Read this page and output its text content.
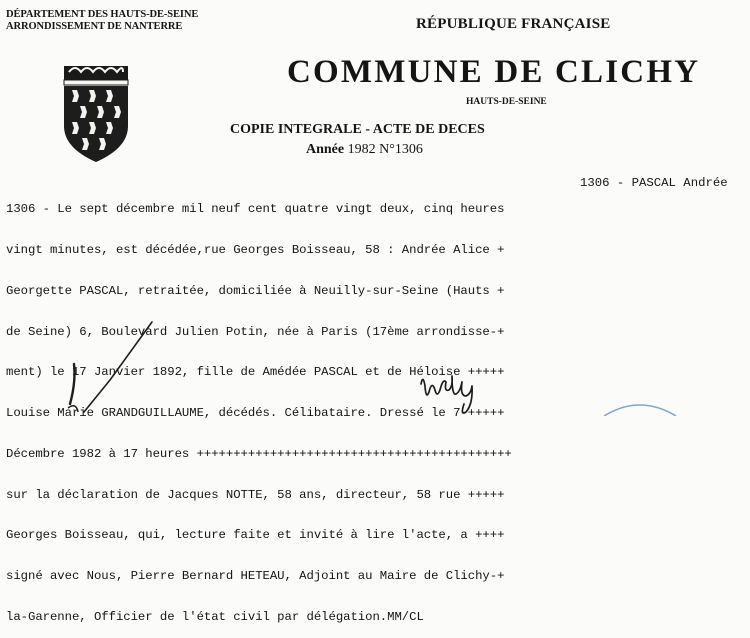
DÉPARTEMENT DES HAUTS-DE-SEINE
ARRONDISSEMENT DE NANTERRE	RÉPUBLIQUE FRANÇAISE
COMMUNE DE CLICHY
HAUTS-DE-SEINE
COPIE INTEGRALE - ACTE DE DECES
Année 1982 N°1306

1306 - Le sept décembre mil neuf cent quatre vingt deux, cinq heures

vingt minutes, est décédée,rue Georges Boisseau, 58 : Andrée Alice +

Georgette PASCAL, retraitée, domiciliée à Neuilly-sur-Seine (Hauts +

de Seine) 6, Boulevard Julien Potin, née à Paris (17ème arrondisse-+

ment) le 17 Janvier 1892, fille de Amédée PASCAL et de Héloise +++++

Louise Marie GRANDGUILLAUME, décédés. Célibataire. Dressé le 7 +++++

Décembre 1982 à 17 heures +++++++++++++++++++++++++++++++++++++++++++

sur la déclaration de Jacques NOTTE, 58 ans, directeur, 58 rue +++++

Georges Boisseau, qui, lecture faite et invité à lire l'acte, a ++++

signé avec Nous, Pierre Bernard HETEAU, Adjoint au Maire de Clichy-+

la-Garenne, Officier de l'état civil par délégation.MM/CL

1306 - PASCAL Andrée
